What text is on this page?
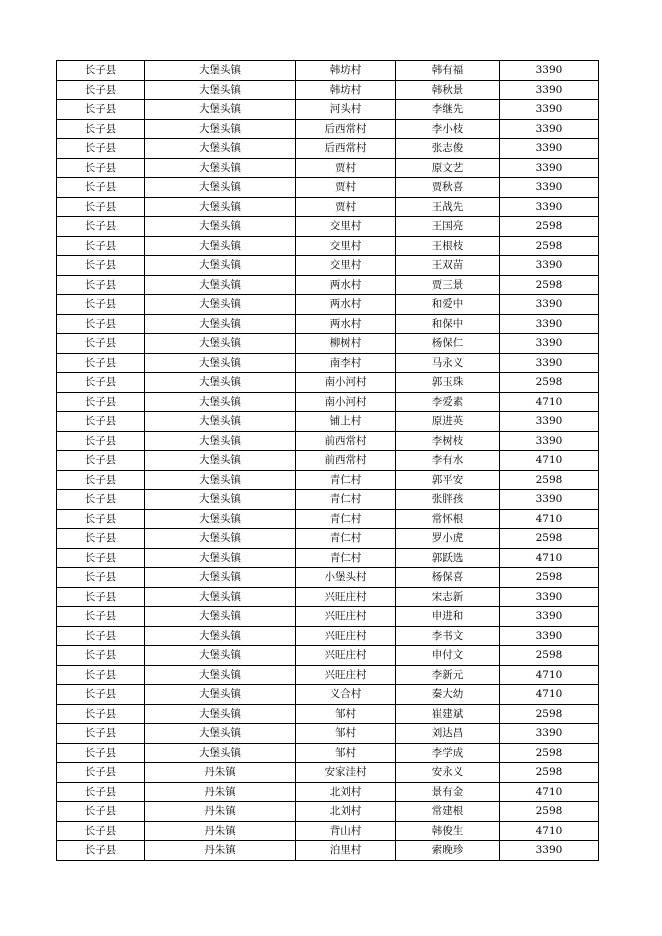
长子县	大堡头镇	韩坊村	韩有福	3390
长子县	大堡头镇	韩坊村	韩秋景	3390
长子县	大堡头镇	河头村	李继先	3390
长子县	大堡头镇	后西常村	李小枝	3390
长子县	大堡头镇	后西常村	张志俊	3390
长子县	大堡头镇	贾村	原文艺	3390
长子县	大堡头镇	贾村	贾秋喜	3390
长子县	大堡头镇	贾村	王战先	3390
长子县	大堡头镇	交里村	王国亮	2598
长子县	大堡头镇	交里村	王根枝	2598
长子县	大堡头镇	交里村	王双苗	3390
长子县	大堡头镇	两水村	贾三景	2598
长子县	大堡头镇	两水村	和爱中	3390
长子县	大堡头镇	两水村	和保中	3390
长子县	大堡头镇	柳树村	杨保仁	3390
长子县	大堡头镇	南李村	马永义	3390
长子县	大堡头镇	南小河村	郭玉珠	2598
长子县	大堡头镇	南小河村	李爱素	4710
长子县	大堡头镇	铺上村	原进英	3390
长子县	大堡头镇	前西常村	李树枝	3390
长子县	大堡头镇	前西常村	李有水	4710
长子县	大堡头镇	青仁村	郭平安	2598
长子县	大堡头镇	青仁村	张胖孩	3390
长子县	大堡头镇	青仁村	常怀根	4710
长子县	大堡头镇	青仁村	罗小虎	2598
长子县	大堡头镇	青仁村	郭跃选	4710
长子县	大堡头镇	小堡头村	杨保喜	2598
长子县	大堡头镇	兴旺庄村	宋志新	3390
长子县	大堡头镇	兴旺庄村	申进和	3390
长子县	大堡头镇	兴旺庄村	李书文	3390
长子县	大堡头镇	兴旺庄村	申付文	2598
长子县	大堡头镇	兴旺庄村	李新元	4710
长子县	大堡头镇	义合村	秦大幼	4710
长子县	大堡头镇	邹村	崔建斌	2598
长子县	大堡头镇	邹村	刘达昌	3390
长子县	大堡头镇	邹村	李学成	2598
长子县	丹朱镇	安家洼村	安永义	2598
长子县	丹朱镇	北刘村	景有金	4710
长子县	丹朱镇	北刘村	常建根	2598
长子县	丹朱镇	背山村	韩俊生	4710
长子县	丹朱镇	泊里村	索晚珍	3390
